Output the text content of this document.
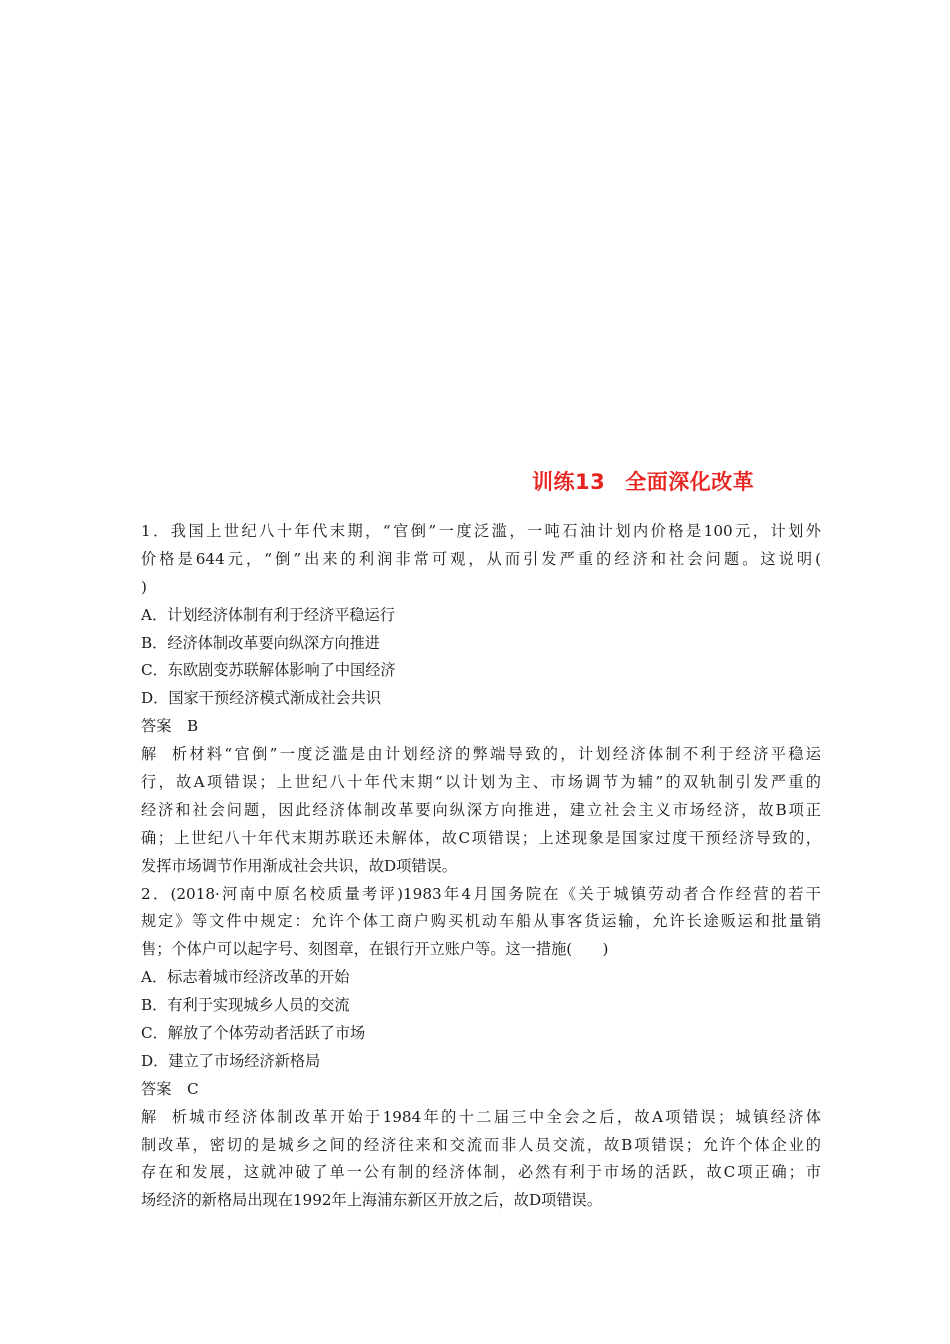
训练13 全面深化改革
1．我国上世纪八十年代末期，“官倒”一度泛滥，一吨石油计划内价格是100元，计划外
价格是644元，“倒”出来的利润非常可观，从而引发严重的经济和社会问题。这说明(
)
A．计划经济体制有利于经济平稳运行
B．经济体制改革要向纵深方向推进
C．东欧剧变苏联解体影响了中国经济
D．国家干预经济模式渐成社会共识
答案 B
解析材料“官倒”一度泛滥是由计划经济的弊端导致的，计划经济体制不利于经济平稳运
行，故A项错误；上世纪八十年代末期“以计划为主、市场调节为辅”的双轨制引发严重的
经济和社会问题，因此经济体制改革要向纵深方向推进，建立社会主义市场经济，故B项正
确；上世纪八十年代末期苏联还未解体，故C项错误；上述现象是国家过度干预经济导致的，
发挥市场调节作用渐成社会共识，故D项错误。
2．(2018·河南中原名校质量考评)1983年4月国务院在《关于城镇劳动者合作经营的若干
规定》等文件中规定：允许个体工商户购买机动车船从事客货运输，允许长途贩运和批量销
售；个体户可以起字号、刻图章，在银行开立账户等。这一措施(　　)
A．标志着城市经济改革的开始
B．有利于实现城乡人员的交流
C．解放了个体劳动者活跃了市场
D．建立了市场经济新格局
答案 C
解析城市经济体制改革开始于1984年的十二届三中全会之后，故A项错误；城镇经济体
制改革，密切的是城乡之间的经济往来和交流而非人员交流，故B项错误；允许个体企业的
存在和发展，这就冲破了单一公有制的经济体制，必然有利于市场的活跃，故C项正确；市
场经济的新格局出现在1992年上海浦东新区开放之后，故D项错误。
